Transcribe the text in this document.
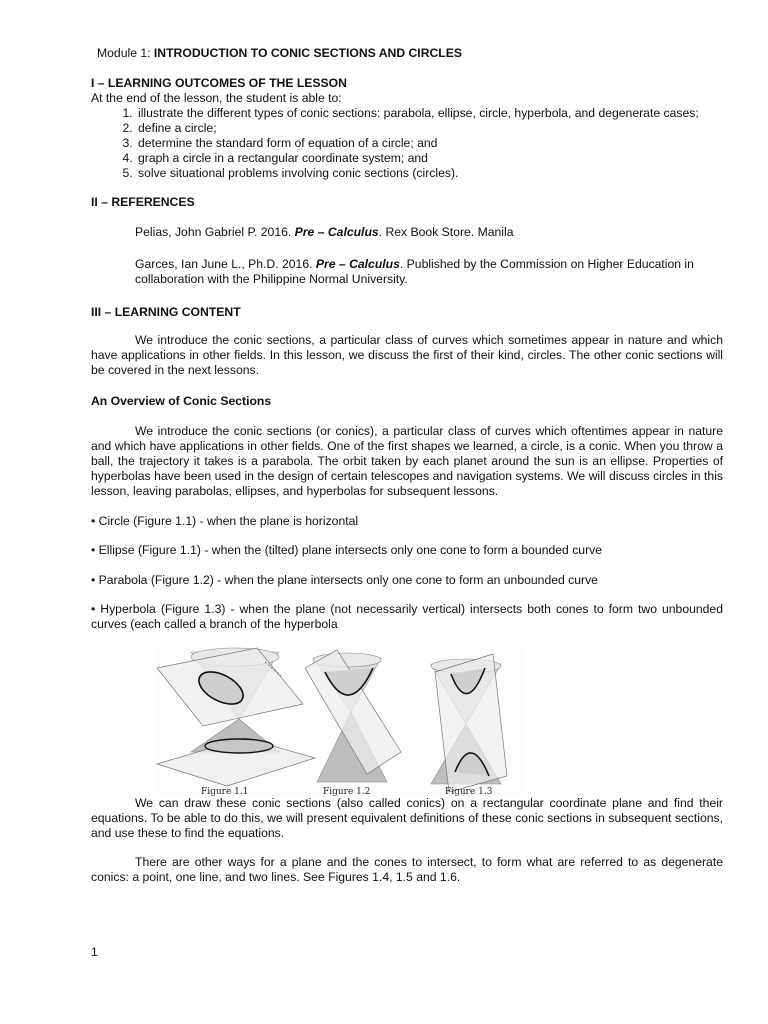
Module 1: INTRODUCTION TO CONIC SECTIONS AND CIRCLES
I – LEARNING OUTCOMES OF THE LESSON
At the end of the lesson, the student is able to:
1. illustrate the different types of conic sections: parabola, ellipse, circle, hyperbola, and degenerate cases;
2. define a circle;
3. determine the standard form of equation of a circle; and
4. graph a circle in a rectangular coordinate system; and
5. solve situational problems involving conic sections (circles).
II – REFERENCES
Pelias, John Gabriel P. 2016. Pre – Calculus. Rex Book Store. Manila
Garces, Ian June L., Ph.D. 2016. Pre – Calculus. Published by the Commission on Higher Education in collaboration with the Philippine Normal University.
III – LEARNING CONTENT
We introduce the conic sections, a particular class of curves which sometimes appear in nature and which have applications in other fields. In this lesson, we discuss the first of their kind, circles. The other conic sections will be covered in the next lessons.
An Overview of Conic Sections
We introduce the conic sections (or conics), a particular class of curves which oftentimes appear in nature and which have applications in other fields. One of the first shapes we learned, a circle, is a conic. When you throw a ball, the trajectory it takes is a parabola. The orbit taken by each planet around the sun is an ellipse. Properties of hyperbolas have been used in the design of certain telescopes and navigation systems. We will discuss circles in this lesson, leaving parabolas, ellipses, and hyperbolas for subsequent lessons.
• Circle (Figure 1.1) - when the plane is horizontal
• Ellipse (Figure 1.1) - when the (tilted) plane intersects only one cone to form a bounded curve
• Parabola (Figure 1.2) - when the plane intersects only one cone to form an unbounded curve
• Hyperbola (Figure 1.3) - when the plane (not necessarily vertical) intersects both cones to form two unbounded curves (each called a branch of the hyperbola
Figure 1.1	Figure 1.2	Figure 1.3
We can draw these conic sections (also called conics) on a rectangular coordinate plane and find their equations. To be able to do this, we will present equivalent definitions of these conic sections in subsequent sections, and use these to find the equations.
There are other ways for a plane and the cones to intersect, to form what are referred to as degenerate conics: a point, one line, and two lines. See Figures 1.4, 1.5 and 1.6.
1
